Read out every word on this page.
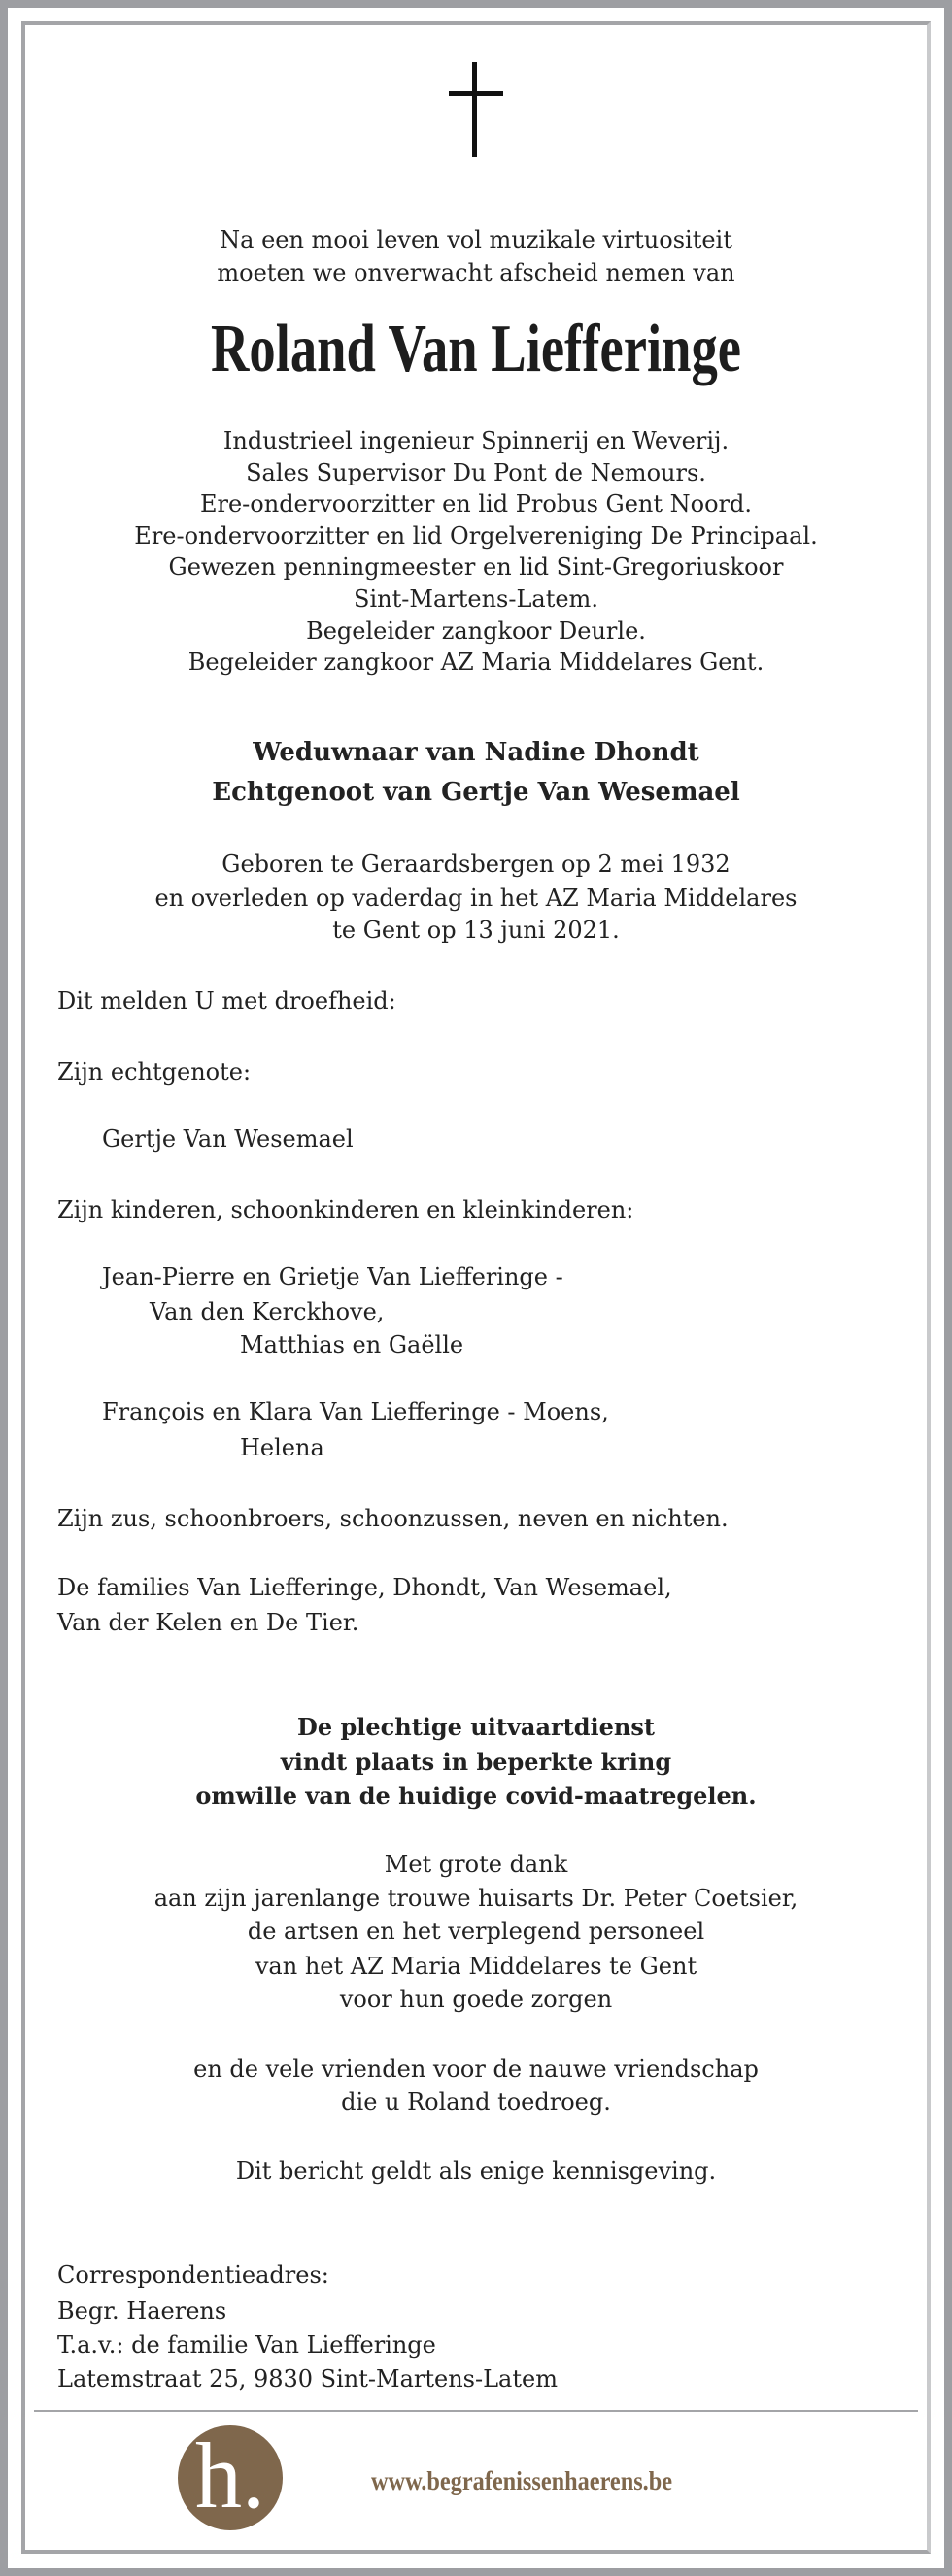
Na een mooi leven vol muzikale virtuositeit
moeten we onverwacht afscheid nemen van
Roland Van Liefferinge
Industrieel ingenieur Spinnerij en Weverij.
Sales Supervisor Du Pont de Nemours.
Ere-ondervoorzitter en lid Probus Gent Noord.
Ere-ondervoorzitter en lid Orgelvereniging De Principaal.
Gewezen penningmeester en lid Sint-Gregoriuskoor
Sint-Martens-Latem.
Begeleider zangkoor Deurle.
Begeleider zangkoor AZ Maria Middelares Gent.
Weduwnaar van Nadine Dhondt
Echtgenoot van Gertje Van Wesemael
Geboren te Geraardsbergen op 2 mei 1932
en overleden op vaderdag in het AZ Maria Middelares
te Gent op 13 juni 2021.
Dit melden U met droefheid:
Zijn echtgenote:
Gertje Van Wesemael
Zijn kinderen, schoonkinderen en kleinkinderen:
Jean-Pierre en Grietje Van Liefferinge -
Van den Kerckhove,
Matthias en Gaëlle
François en Klara Van Liefferinge - Moens,
Helena
Zijn zus, schoonbroers, schoonzussen, neven en nichten.
De families Van Liefferinge, Dhondt, Van Wesemael,
Van der Kelen en De Tier.
De plechtige uitvaartdienst
vindt plaats in beperkte kring
omwille van de huidige covid-maatregelen.
Met grote dank
aan zijn jarenlange trouwe huisarts Dr. Peter Coetsier,
de artsen en het verplegend personeel
van het AZ Maria Middelares te Gent
voor hun goede zorgen
en de vele vrienden voor de nauwe vriendschap
die u Roland toedroeg.
Dit bericht geldt als enige kennisgeving.
Correspondentieadres:
Begr. Haerens
T.a.v.: de familie Van Liefferinge
Latemstraat 25, 9830 Sint-Martens-Latem
h.	www.begrafenissenhaerens.be
